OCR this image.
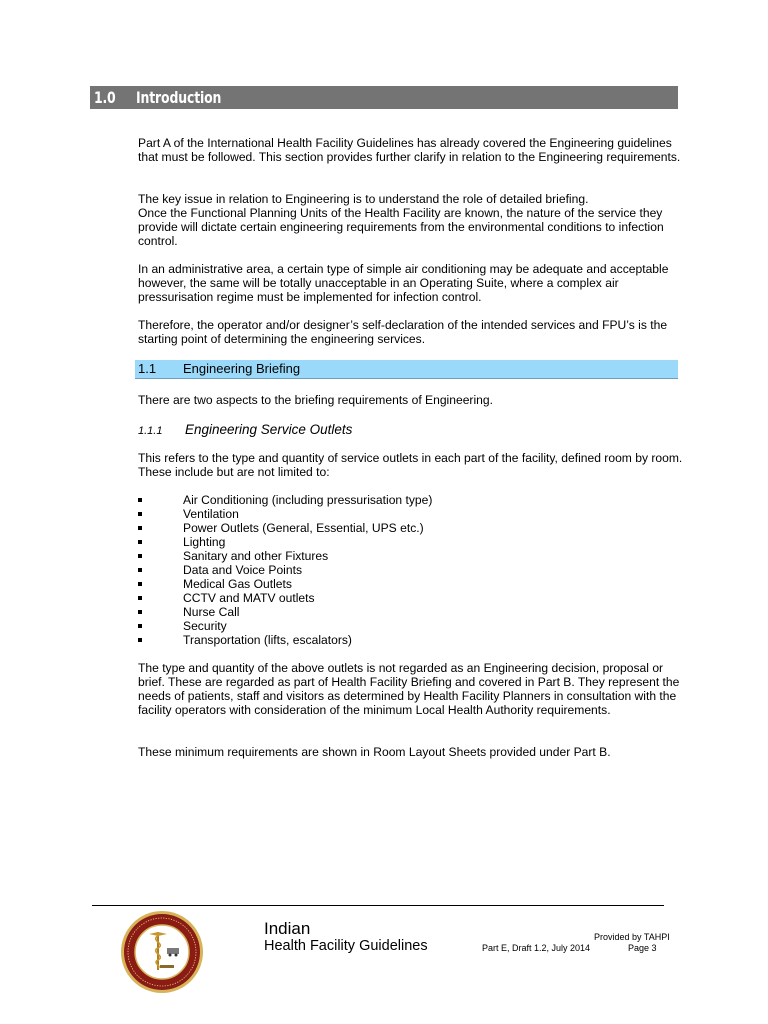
1.0 Introduction

Part A of the International Health Facility Guidelines has already covered the Engineering guidelines that must be followed. This section provides further clarify in relation to the Engineering requirements.

The key issue in relation to Engineering is to understand the role of detailed briefing.

Once the Functional Planning Units of the Health Facility are known, the nature of the service they provide will dictate certain engineering requirements from the environmental conditions to infection control.

In an administrative area, a certain type of simple air conditioning may be adequate and acceptable however, the same will be totally unacceptable in an Operating Suite, where a complex air pressurisation regime must be implemented for infection control.

Therefore, the operator and/or designer’s self-declaration of the intended services and FPU’s is the starting point of determining the engineering services.

1.1 Engineering Briefing

There are two aspects to the briefing requirements of Engineering.

1.1.1 Engineering Service Outlets

This refers to the type and quantity of service outlets in each part of the facility, defined room by room. These include but are not limited to:

Air Conditioning (including pressurisation type)
Ventilation
Power Outlets (General, Essential, UPS etc.)
Lighting
Sanitary and other Fixtures
Data and Voice Points
Medical Gas Outlets
CCTV and MATV outlets
Nurse Call
Security
Transportation (lifts, escalators)

The type and quantity of the above outlets is not regarded as an Engineering decision, proposal or brief. These are regarded as part of Health Facility Briefing and covered in Part B. They represent the needs of patients, staff and visitors as determined by Health Facility Planners in consultation with the facility operators with consideration of the minimum Local Health Authority requirements.

These minimum requirements are shown in Room Layout Sheets provided under Part B.

Indian
Health Facility Guidelines
Provided by TAHPI
Part E, Draft 1.2, July 2014	Page 3
